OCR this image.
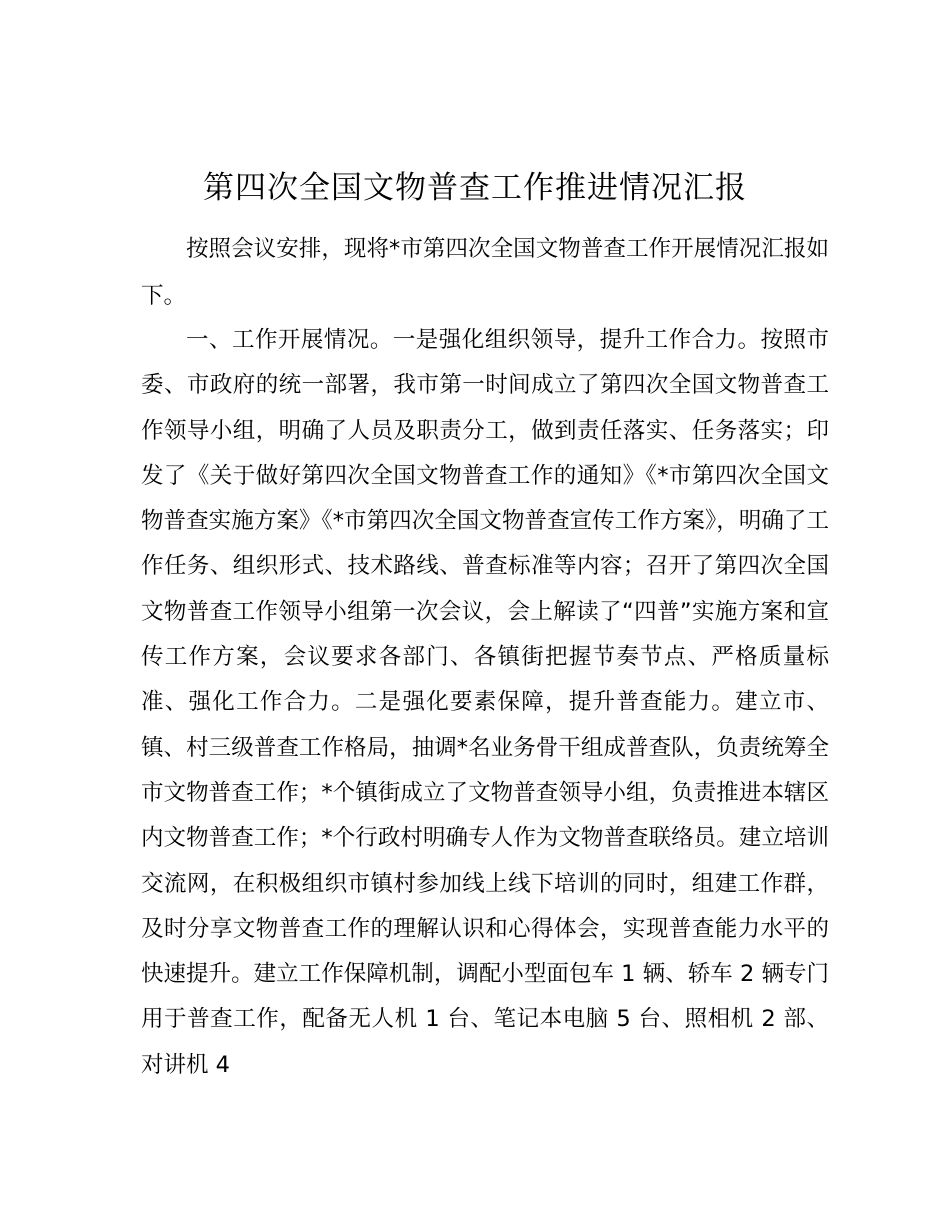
第四次全国文物普查工作推进情况汇报

按照会议安排，现将*市第四次全国文物普查工作开展情况汇报如下。

一、工作开展情况。一是强化组织领导，提升工作合力。按照市委、市政府的统一部署，我市第一时间成立了第四次全国文物普查工作领导小组，明确了人员及职责分工，做到责任落实、任务落实；印发了《关于做好第四次全国文物普查工作的通知》《*市第四次全国文物普查实施方案》《*市第四次全国文物普查宣传工作方案》，明确了工作任务、组织形式、技术路线、普查标准等内容；召开了第四次全国文物普查工作领导小组第一次会议，会上解读了“四普”实施方案和宣传工作方案，会议要求各部门、各镇街把握节奏节点、严格质量标准、强化工作合力。二是强化要素保障，提升普查能力。建立市、镇、村三级普查工作格局，抽调*名业务骨干组成普查队，负责统筹全市文物普查工作；*个镇街成立了文物普查领导小组，负责推进本辖区内文物普查工作；*个行政村明确专人作为文物普查联络员。建立培训交流网，在积极组织市镇村参加线上线下培训的同时，组建工作群，及时分享文物普查工作的理解认识和心得体会，实现普查能力水平的快速提升。建立工作保障机制，调配小型面包车 1 辆、轿车 2 辆专门用于普查工作，配备无人机 1 台、笔记本电脑 5 台、照相机 2 部、对讲机 4
